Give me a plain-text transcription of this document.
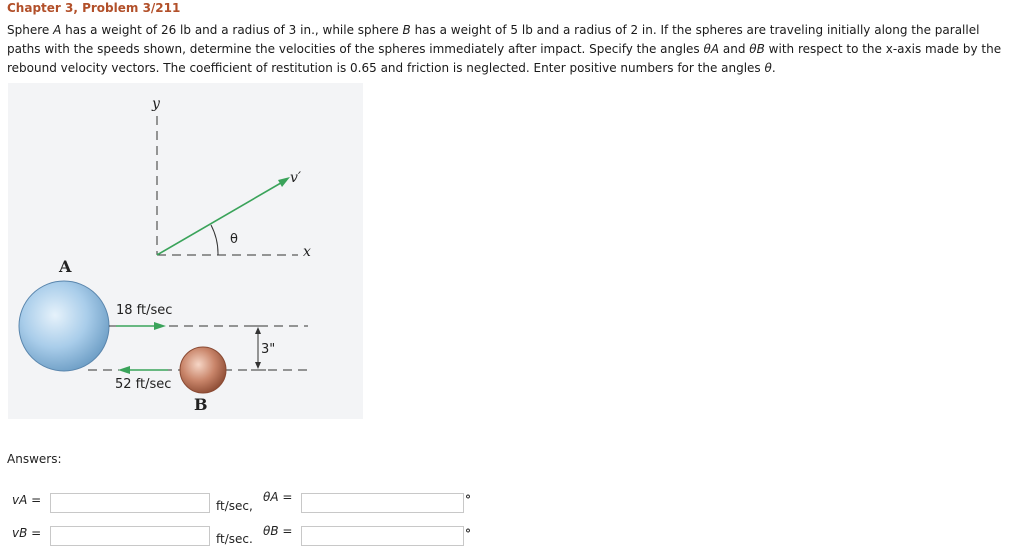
Chapter 3, Problem 3/211
Sphere A has a weight of 26 lb and a radius of 3 in., while sphere B has a weight of 5 lb and a radius of 2 in. If the spheres are traveling initially along the parallel paths with the speeds shown, determine the velocities of the spheres immediately after impact. Specify the angles θA and θB with respect to the x-axis made by the rebound velocity vectors. The coefficient of restitution is 0.65 and friction is neglected. Enter positive numbers for the angles θ.
y
x
v′
θ
A
18 ft/sec
52 ft/sec
B
3"
Answers:
vA =	ft/sec,
θA =	°
vB =	ft/sec.
θB =	°
